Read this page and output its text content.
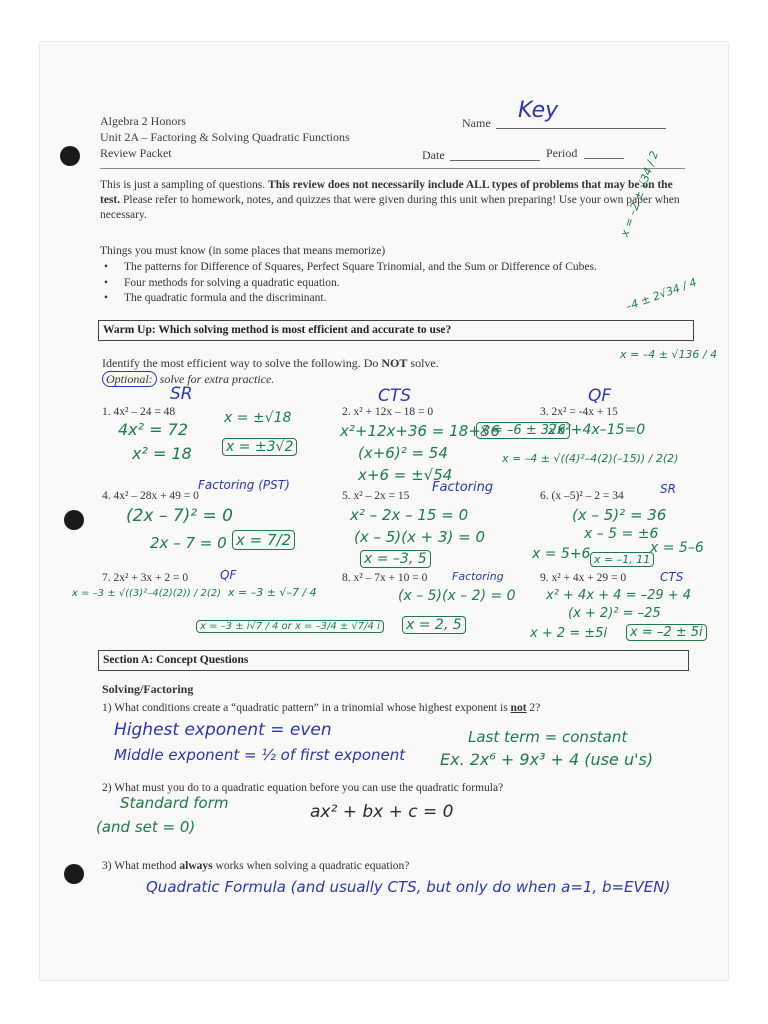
Algebra 2 Honors
Unit 2A – Factoring & Solving Quadratic Functions
Review Packet
Name Key
Date	Period
This is just a sampling of questions. This review does not necessarily include ALL types of problems that may be on the test. Please refer to homework, notes, and quizzes that were given during this unit when preparing! Use your own paper when necessary.
Things you must know (in some places that means memorize)
• The patterns for Difference of Squares, Perfect Square Trinomial, and the Sum or Difference of Cubes.
• Four methods for solving a quadratic equation.
• The quadratic formula and the discriminant.
x = –4 ± √136 / 4
–4 ± 2√34 / 4
x = –2 ± √34 / 2
Warm Up: Which solving method is most efficient and accurate to use?
Identify the most efficient way to solve the following. Do NOT solve.
Optional: solve for extra practice.
SR
1. 4x² – 24 = 48
4x² = 72
x² = 18
x = ±√18
x = ±3√2
CTS
2. x² + 12x – 18 = 0
x²+12x+36 = 18+36
(x+6)² = 54
x+6 = ±√54
x = –6 ± 3√6
QF
3. 2x² = -4x + 15
2x²+4x–15=0
x = –4 ± √((4)²–4(2)(–15)) / 2(2)
Factoring (PST)
4. 4x² – 28x + 49 = 0
(2x – 7)² = 0
2x – 7 = 0 x = 7/2
Factoring
5. x² – 2x = 15
x² – 2x – 15 = 0
(x – 5)(x + 3) = 0
x = –3, 5
SR
6. (x –5)² – 2 = 34
(x – 5)² = 36
x – 5 = ±6
x = 5+6	x = 5–6
x = –1, 11
7. 2x² + 3x + 2 = 0	QF
x = –3 ± √((3)²–4(2)(2)) / 2(2) x = –3 ± √–7 / 4
x = –3 ± i√7 / 4 or x = –3/4 ± √7/4 i
8. x² – 7x + 10 = 0 Factoring
(x – 5)(x – 2) = 0
x = 2, 5
9. x² + 4x + 29 = 0	CTS
x² + 4x + 4 = –29 + 4
(x + 2)² = –25
x + 2 = ±5i	x = –2 ± 5i
Section A: Concept Questions
Solving/Factoring
1) What conditions create a “quadratic pattern” in a trinomial whose highest exponent is not 2?
Highest exponent = even
Middle exponent = ½ of first exponent
Last term = constant
Ex. 2x⁶ + 9x³ + 4 (use u's)
2) What must you do to a quadratic equation before you can use the quadratic formula?
Standard form
(and set = 0)
ax² + bx + c = 0
3) What method always works when solving a quadratic equation?
Quadratic Formula (and usually CTS, but only do when a=1, b=EVEN)
